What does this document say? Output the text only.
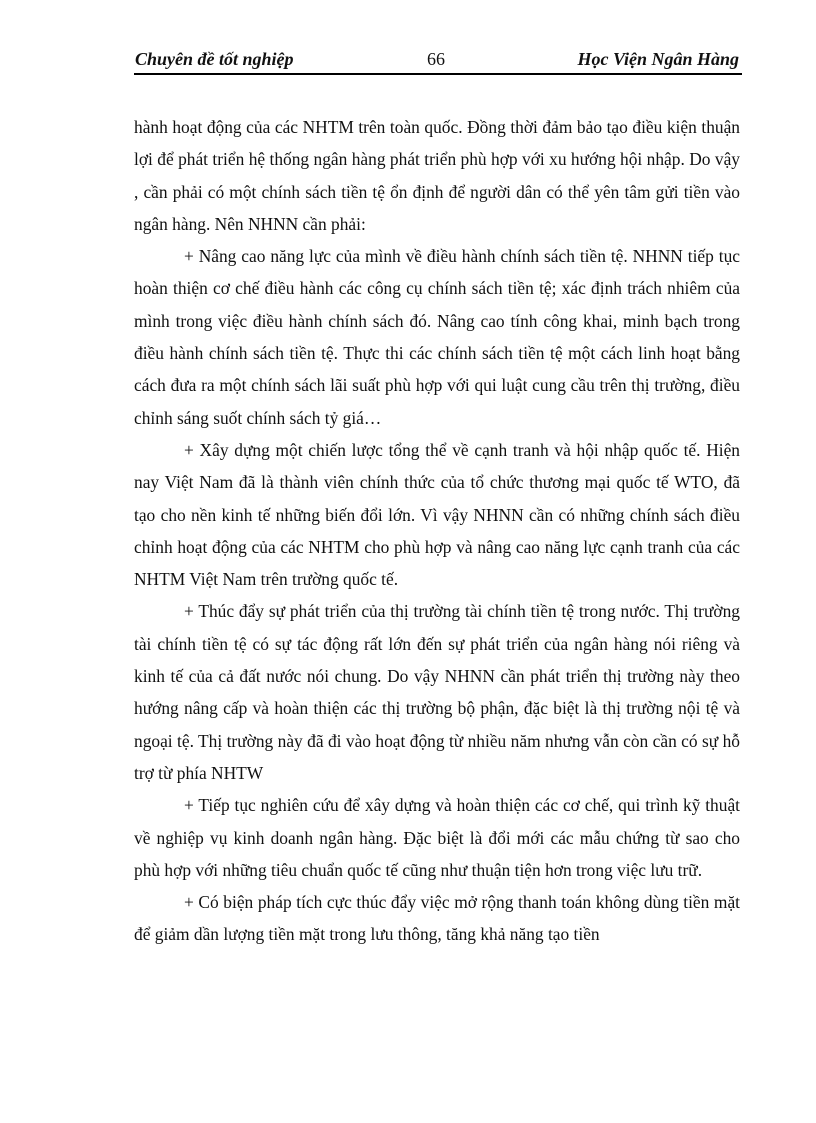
Chuyên đề tốt nghiệp	66	Học Viện Ngân Hàng

hành hoạt động của các NHTM trên toàn quốc. Đồng thời đảm bảo tạo điều kiện thuận lợi để phát triển hệ thống ngân hàng phát triển phù hợp với xu hướng hội nhập. Do vậy , cần phải có một chính sách tiền tệ ổn định để người dân có thể yên tâm gửi tiền vào ngân hàng. Nên NHNN cần phải:

+ Nâng cao năng lực của mình về điều hành chính sách tiền tệ. NHNN tiếp tục hoàn thiện cơ chế điều hành các công cụ chính sách tiền tệ; xác định trách nhiêm của mình trong việc điều hành chính sách đó. Nâng cao tính công khai, minh bạch trong điều hành chính sách tiền tệ. Thực thi các chính sách tiền tệ một cách linh hoạt bằng cách đưa ra một chính sách lãi suất phù hợp với qui luật cung cầu trên thị trường, điều chỉnh sáng suốt chính sách tỷ giá…

+ Xây dựng một chiến lược tổng thể về cạnh tranh và hội nhập quốc tế. Hiện nay Việt Nam đã là thành viên chính thức của tổ chức thương mại quốc tế WTO, đã tạo cho nền kinh tế những biến đổi lớn. Vì vậy NHNN cần có những chính sách điều chỉnh hoạt động của các NHTM cho phù hợp và nâng cao năng lực cạnh tranh của các NHTM Việt Nam trên trường quốc tế.

+ Thúc đẩy sự phát triển của thị trường tài chính tiền tệ trong nước. Thị trường tài chính tiền tệ có sự tác động rất lớn đến sự phát triển của ngân hàng nói riêng và kinh tế của cả đất nước nói chung. Do vậy NHNN cần phát triển thị trường này theo hướng nâng cấp và hoàn thiện các thị trường bộ phận, đặc biệt là thị trường nội tệ và ngoại tệ. Thị trường này đã đi vào hoạt động từ nhiều năm nhưng vẫn còn cần có sự hỗ trợ từ phía NHTW

+ Tiếp tục nghiên cứu để xây dựng và hoàn thiện các cơ chế, qui trình kỹ thuật về nghiệp vụ kinh doanh ngân hàng. Đặc biệt là đổi mới các mẫu chứng từ sao cho phù hợp với những tiêu chuẩn quốc tế cũng như thuận tiện hơn trong việc lưu trữ.

+ Có biện pháp tích cực thúc đẩy việc mở rộng thanh toán không dùng tiền mặt để giảm dần lượng tiền mặt trong lưu thông, tăng khả năng tạo tiền
